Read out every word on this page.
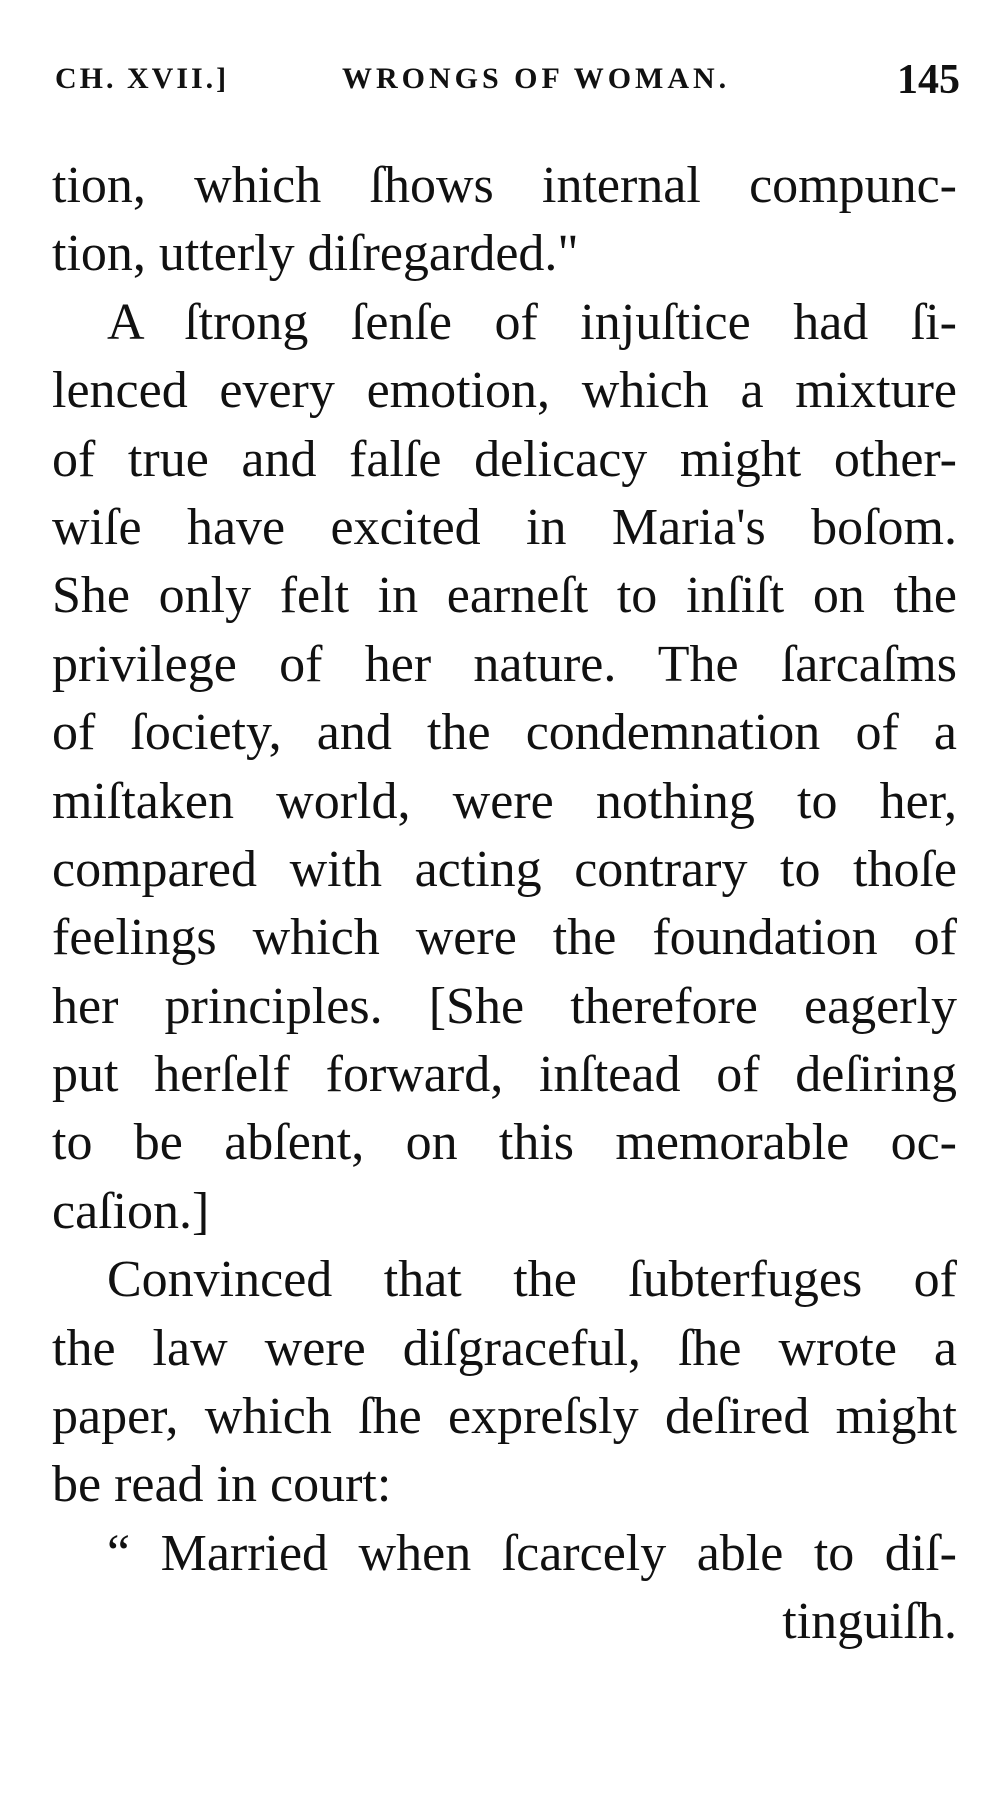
CH. XVII.]	WRONGS OF WOMAN.	145
tion, which ſhows internal compunc-
tion, utterly diſregarded."
A ſtrong ſenſe of injuſtice had ſi-
lenced every emotion, which a mixture
of true and falſe delicacy might other-
wiſe have excited in Maria's boſom.
She only felt in earneſt to inſiſt on the
privilege of her nature. The ſarcaſms
of ſociety, and the condemnation of a
miſtaken world, were nothing to her,
compared with acting contrary to thoſe
feelings which were the foundation of
her principles. [She therefore eagerly
put herſelf forward, inſtead of deſiring
to be abſent, on this memorable oc-
caſion.]
Convinced that the ſubterfuges of
the law were diſgraceful, ſhe wrote a
paper, which ſhe expreſsly deſired might
be read in court:
“ Married when ſcarcely able to diſ-
tinguiſh.
